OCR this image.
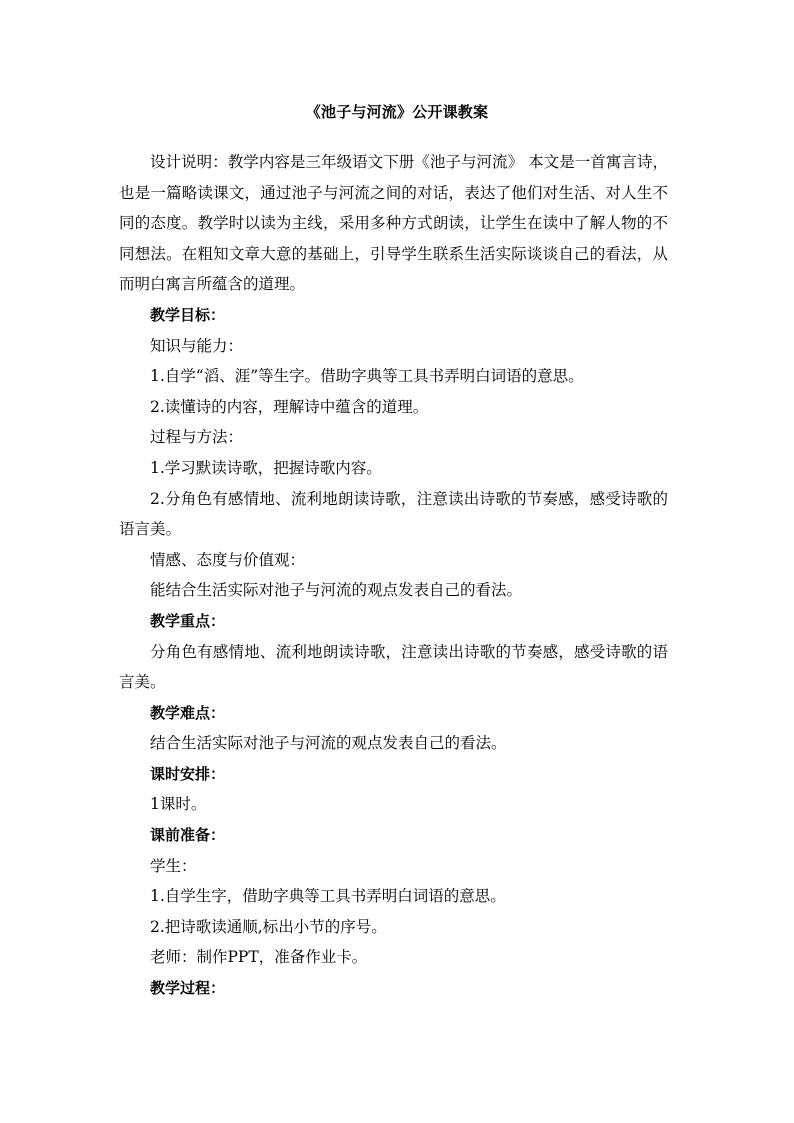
《池子与河流》公开课教案

设计说明：教学内容是三年级语文下册《池子与河流》 本文是一首寓言诗，也是一篇略读课文，通过池子与河流之间的对话，表达了他们对生活、对人生不同的态度。教学时以读为主线，采用多种方式朗读，让学生在读中了解人物的不同想法。在粗知文章大意的基础上，引导学生联系生活实际谈谈自己的看法，从而明白寓言所蕴含的道理。

教学目标：

知识与能力：

1.自学“滔、涯”等生字。借助字典等工具书弄明白词语的意思。

2.读懂诗的内容，理解诗中蕴含的道理。

过程与方法：

1.学习默读诗歌，把握诗歌内容。

2.分角色有感情地、流利地朗读诗歌，注意读出诗歌的节奏感，感受诗歌的语言美。

情感、态度与价值观：

能结合生活实际对池子与河流的观点发表自己的看法。

教学重点：

分角色有感情地、流利地朗读诗歌，注意读出诗歌的节奏感，感受诗歌的语言美。

教学难点：

结合生活实际对池子与河流的观点发表自己的看法。

课时安排：

1课时。

课前准备：

学生：

1.自学生字，借助字典等工具书弄明白词语的意思。

2.把诗歌读通顺,标出小节的序号。

老师：制作PPT，准备作业卡。

教学过程：
